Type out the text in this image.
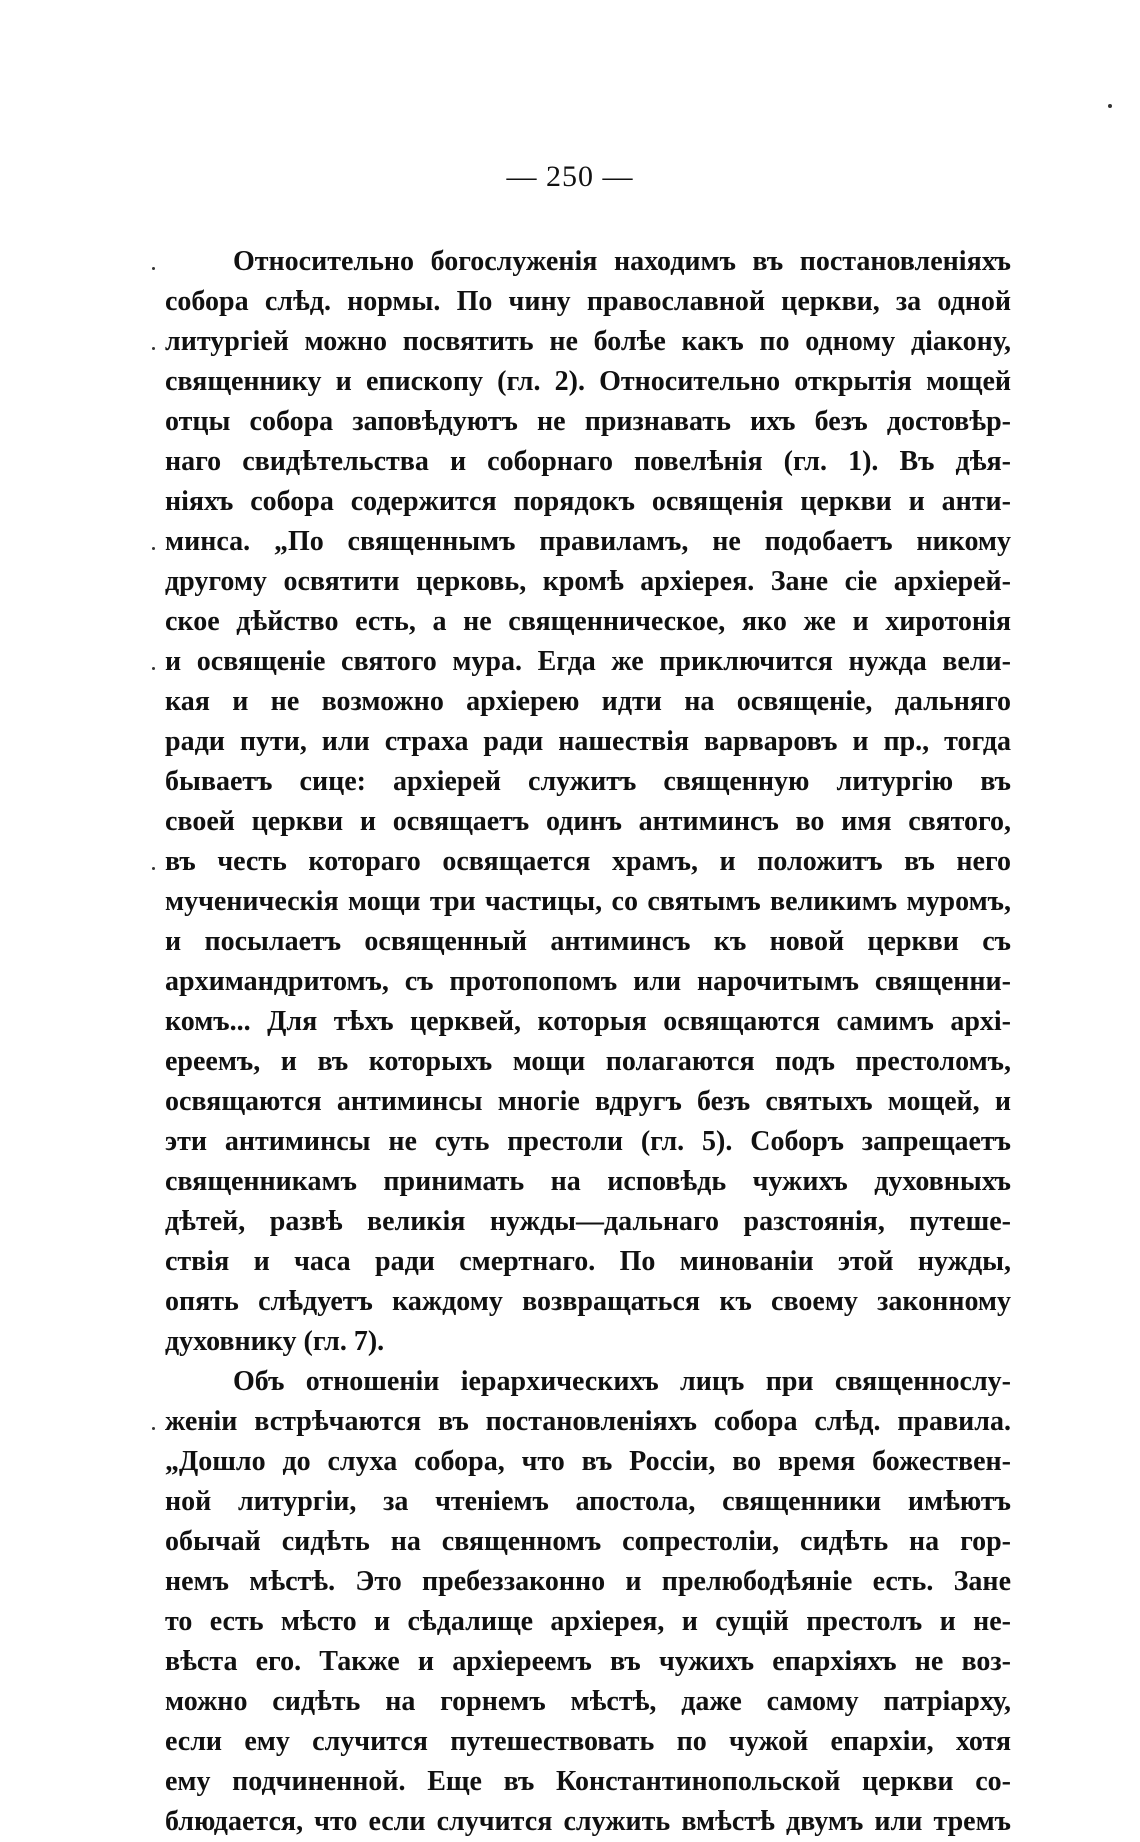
— 250 —
Относительно богослуженія находимъ въ постановленіяхъ
собора слѣд. нормы. По чину православной церкви, за одной
литургіей можно посвятить не болѣе какъ по одному діакону,
священнику и епископу (гл. 2). Относительно открытія мощей
отцы собора заповѣдуютъ не признавать ихъ безъ достовѣр-
наго свидѣтельства и соборнаго повелѣнія (гл. 1). Въ дѣя-
ніяхъ собора содержится порядокъ освященія церкви и анти-
минса. „По священнымъ правиламъ, не подобаетъ никому
другому освятити церковь, кромѣ архіерея. Зане сіе архіерей-
ское дѣйство есть, а не священническое, яко же и хиротонія
и освященіе святого мура. Егда же приключится нужда вели-
кая и не возможно архіерею идти на освященіе, дальняго
ради пути, или страха ради нашествія варваровъ и пр., тогда
бываетъ сице: архіерей служитъ священную литургію въ
своей церкви и освящаетъ одинъ антиминсъ во имя святого,
въ честь котораго освящается храмъ, и положитъ въ него
мученическія мощи три частицы, со святымъ великимъ муромъ,
и посылаетъ освященный антиминсъ къ новой церкви съ
архимандритомъ, съ протопопомъ или нарочитымъ священни-
комъ... Для тѣхъ церквей, которыя освящаются самимъ архі-
ереемъ, и въ которыхъ мощи полагаются подъ престоломъ,
освящаются антиминсы многіе вдругъ безъ святыхъ мощей, и
эти антиминсы не суть престоли (гл. 5). Соборъ запрещаетъ
священникамъ принимать на исповѣдь чужихъ духовныхъ
дѣтей, развѣ великія нужды—дальнаго разстоянія, путеше-
ствія и часа ради смертнаго. По минованіи этой нужды,
опять слѣдуетъ каждому возвращаться къ своему законному
духовнику (гл. 7).
Объ отношеніи іерархическихъ лицъ при священнослу-
женіи встрѣчаются въ постановленіяхъ собора слѣд. правила.
„Дошло до слуха собора, что въ Россіи, во время божествен-
ной литургіи, за чтеніемъ апостола, священники имѣютъ
обычай сидѣть на священномъ сопрестоліи, сидѣть на гор-
немъ мѣстѣ. Это пребеззаконно и прелюбодѣяніе есть. Зане
то есть мѣсто и сѣдалище архіерея, и сущій престолъ и не-
вѣста его. Также и архіереемъ въ чужихъ епархіяхъ не воз-
можно сидѣть на горнемъ мѣстѣ, даже самому патріарху,
если ему случится путешествовать по чужой епархіи, хотя
ему подчиненной. Еще въ Константинопольской церкви со-
блюдается, что если случится служить вмѣстѣ двумъ или тремъ
